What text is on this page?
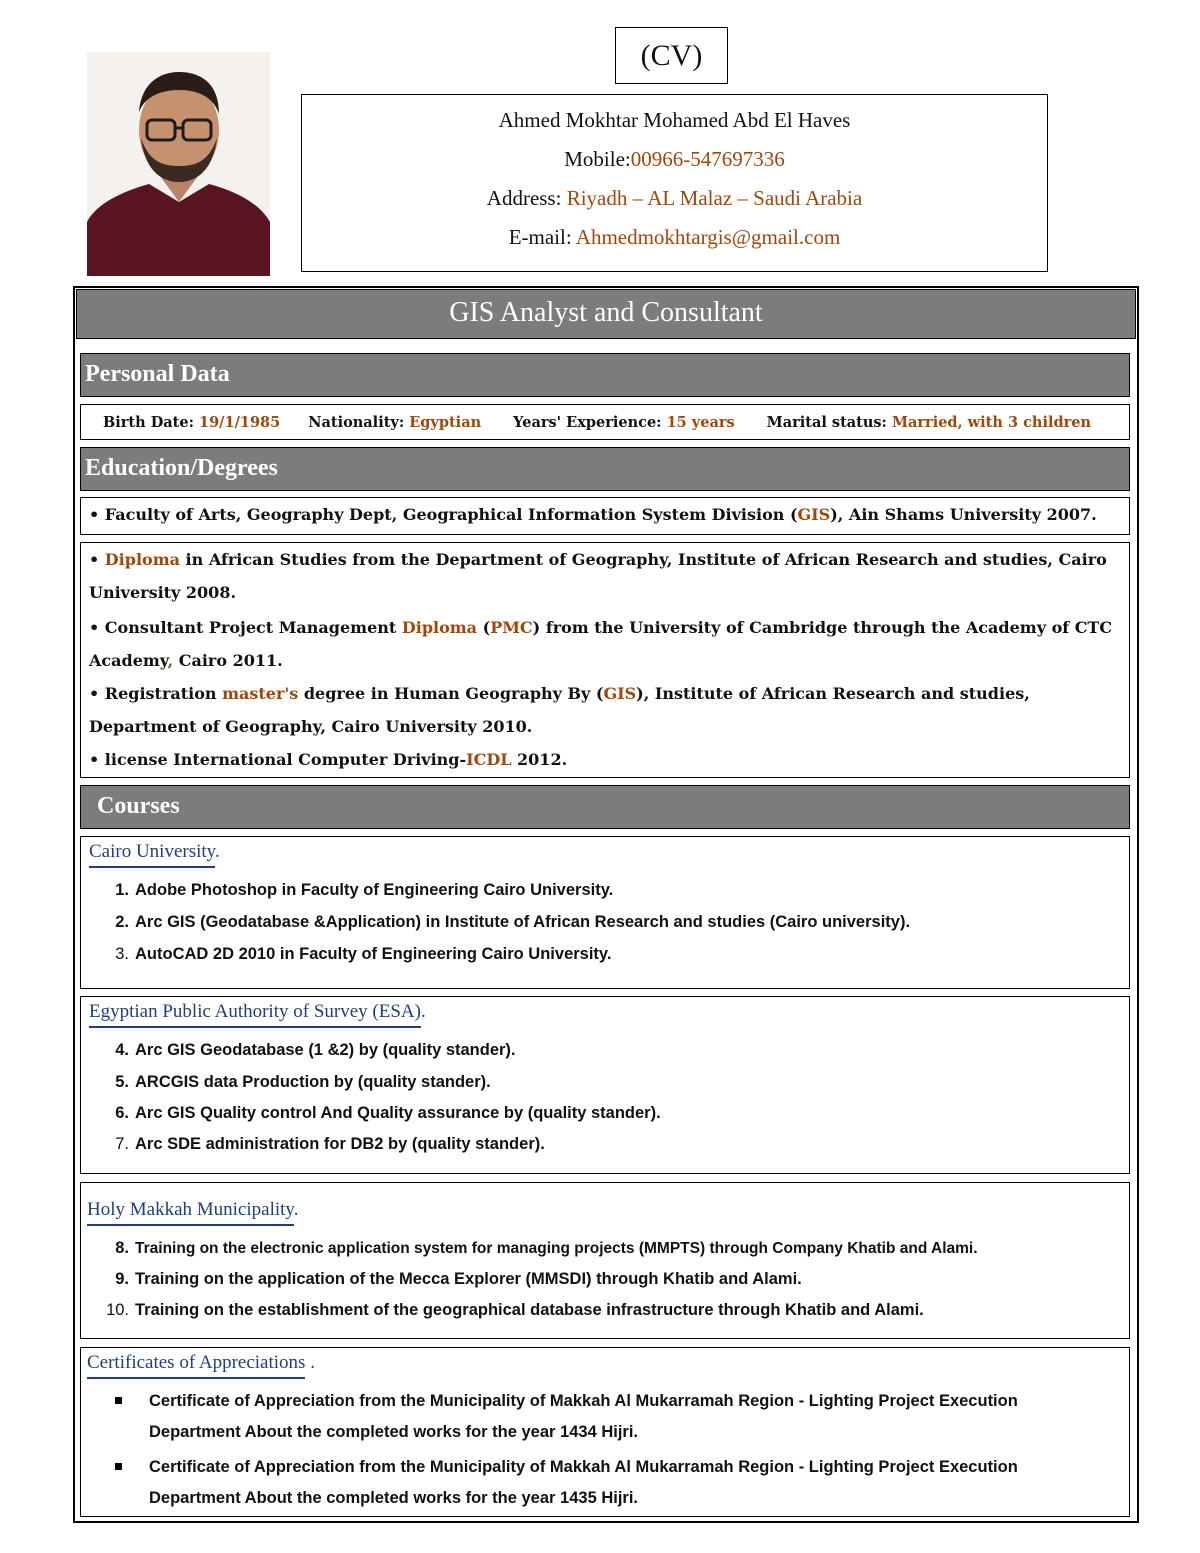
(CV)
Ahmed Mokhtar Mohamed Abd El Haves
Mobile:00966-547697336
Address: Riyadh – AL Malaz – Saudi Arabia
E-mail: Ahmedmokhtargis@gmail.com
GIS Analyst and Consultant
Personal Data
Birth Date: 19/1/1985 Nationality: Egyptian Years' Experience: 15 years Marital status: Married, with 3 children
Education/Degrees
• Faculty of Arts, Geography Dept, Geographical Information System Division (GIS), Ain Shams University 2007.
• Diploma in African Studies from the Department of Geography, Institute of African Research and studies, Cairo
University 2008.
• Consultant Project Management Diploma (PMC) from the University of Cambridge through the Academy of CTC
Academy, Cairo 2011.
• Registration master's degree in Human Geography By (GIS), Institute of African Research and studies,
Department of Geography, Cairo University 2010.
• license International Computer Driving-ICDL 2012.
Courses
Cairo University.
1. Adobe Photoshop in Faculty of Engineering Cairo University.
2. Arc GIS (Geodatabase &Application) in Institute of African Research and studies (Cairo university).
3. AutoCAD 2D 2010 in Faculty of Engineering Cairo University.
Egyptian Public Authority of Survey (ESA).
4. Arc GIS Geodatabase (1 &2) by (quality stander).
5. ARCGIS data Production by (quality stander).
6. Arc GIS Quality control And Quality assurance by (quality stander).
7. Arc SDE administration for DB2 by (quality stander).
Holy Makkah Municipality.
8. Training on the electronic application system for managing projects (MMPTS) through Company Khatib and Alami.
9. Training on the application of the Mecca Explorer (MMSDI) through Khatib and Alami.
10. Training on the establishment of the geographical database infrastructure through Khatib and Alami.
Certificates of Appreciations .
Certificate of Appreciation from the Municipality of Makkah Al Mukarramah Region - Lighting Project Execution Department About the completed works for the year 1434 Hijri.
Certificate of Appreciation from the Municipality of Makkah Al Mukarramah Region - Lighting Project Execution Department About the completed works for the year 1435 Hijri.
